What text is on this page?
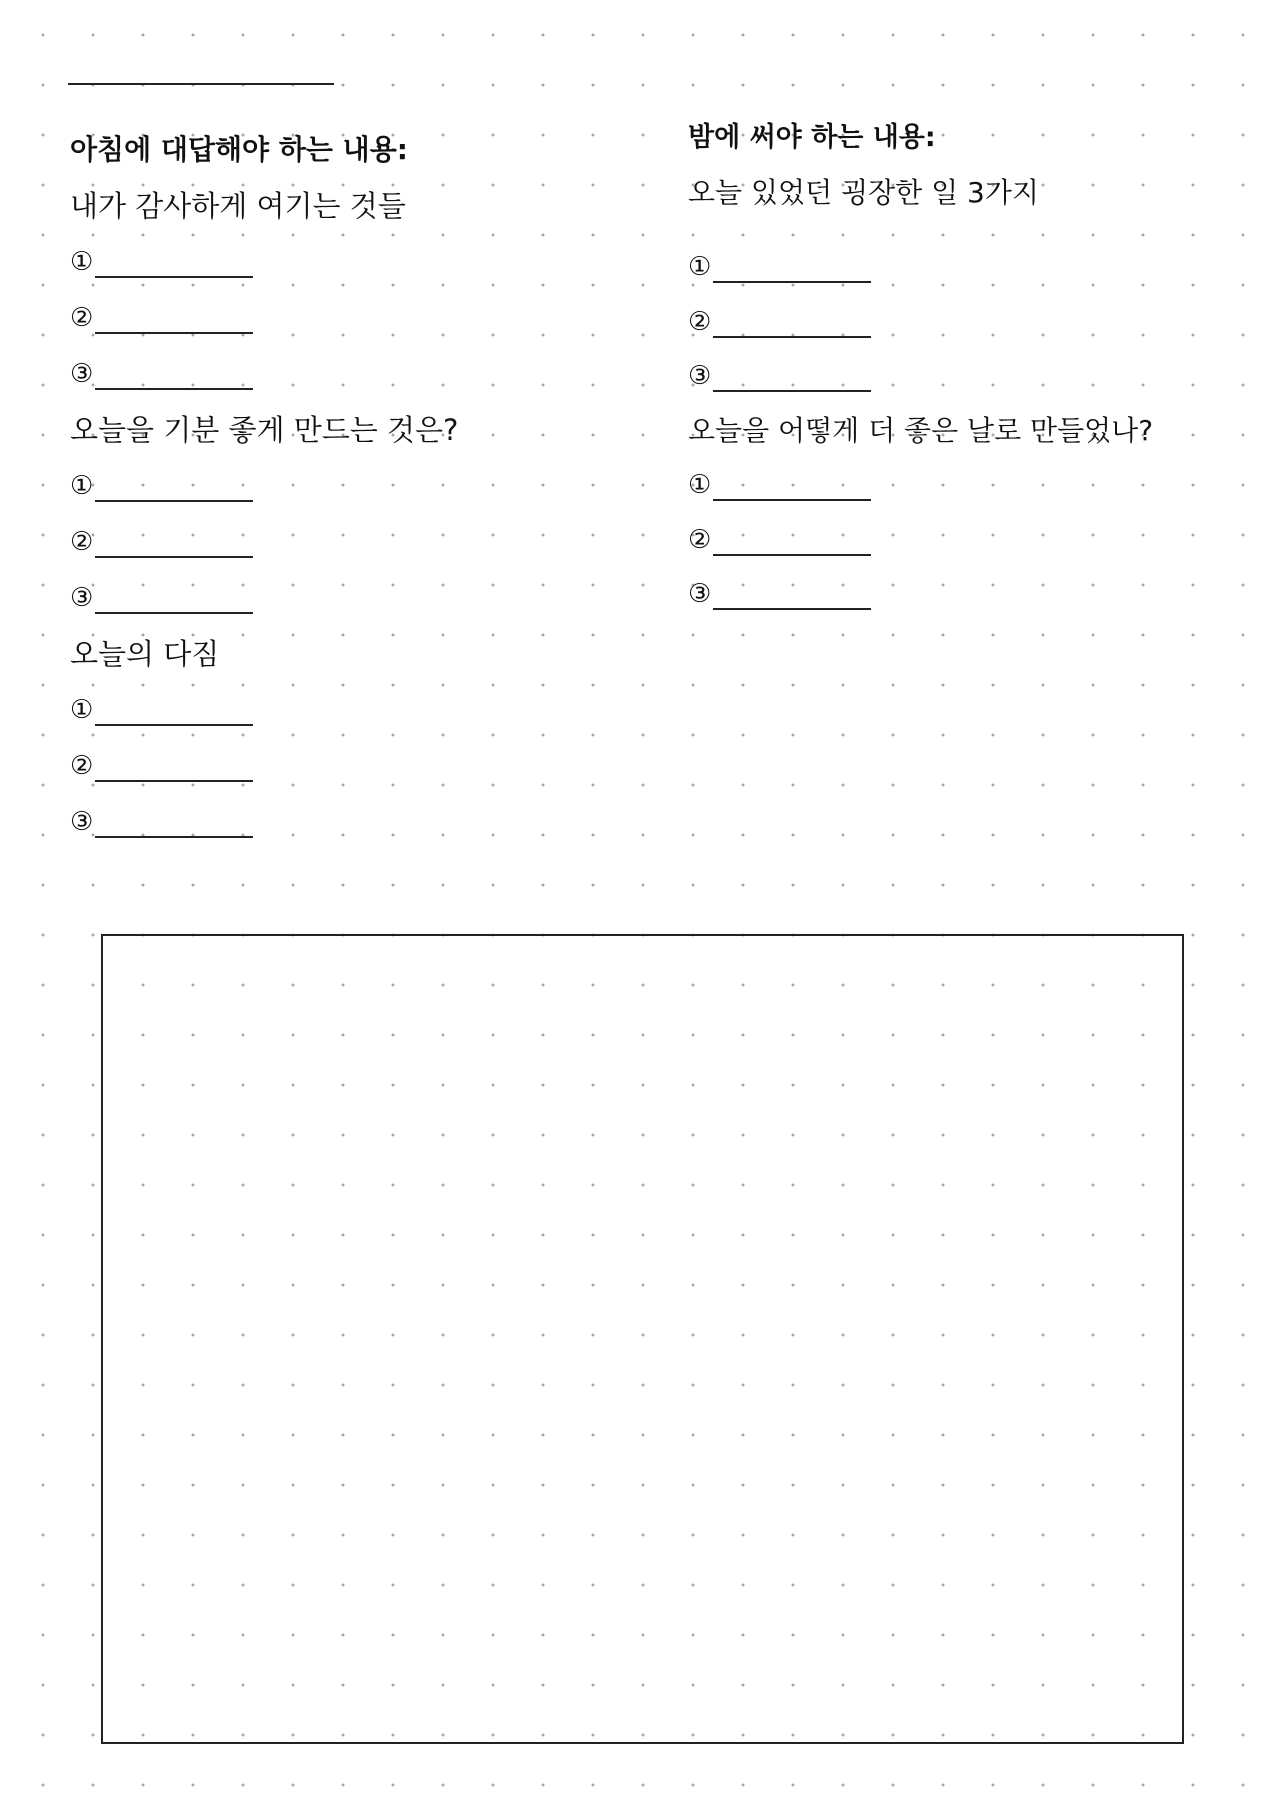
아침에 대답해야 하는 내용:
내가 감사하게 여기는 것들
①
②
③
오늘을 기분 좋게 만드는 것은?
①
②
③
오늘의 다짐
①
②
③
밤에 써야 하는 내용:
오늘 있었던 굉장한 일 3가지
①
②
③
오늘을 어떻게 더 좋은 날로 만들었나?
①
②
③
